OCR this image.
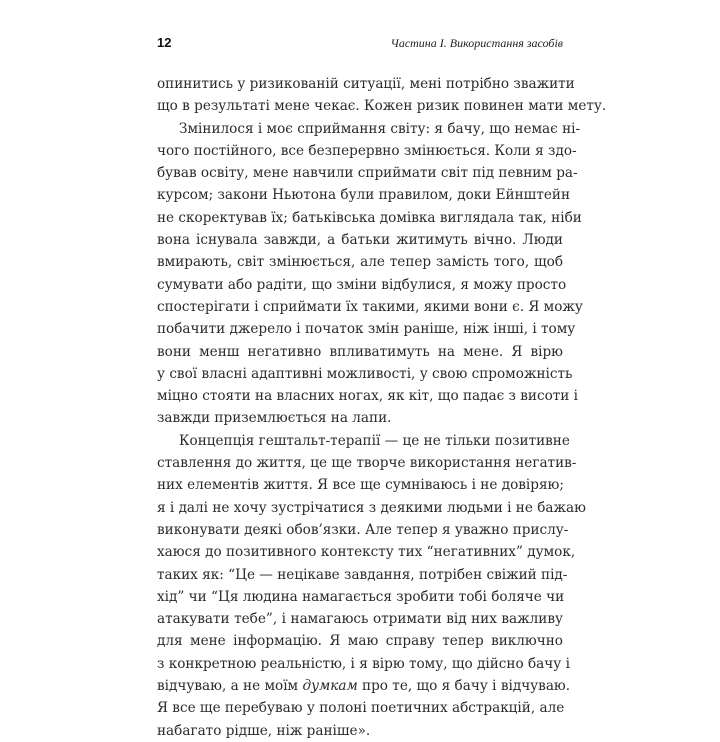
12	Частина І. Використання засобів
опинитись у ризикованій ситуації, мені потрібно зважити
що в результаті мене чекає. Кожен ризик повинен мати мету.
Змінилося і моє сприймання світу: я бачу, що немає ні-
чого постійного, все безперервно змінюється. Коли я здо-
бував освіту, мене навчили сприймати світ під певним ра-
курсом; закони Ньютона були правилом, доки Ейнштейн
не скоректував їх; батьківська домівка виглядала так, ніби
вона існувала завжди, а батьки житимуть вічно. Люди
вмирають, світ змінюється, але тепер замість того, щоб
сумувати або радіти, що зміни відбулися, я можу просто
спостерігати і сприймати їх такими, якими вони є. Я можу
побачити джерело і початок змін раніше, ніж інші, і тому
вони менш негативно впливатимуть на мене. Я вірю
у свої власні адаптивні можливості, у свою спроможність
міцно стояти на власних ногах, як кіт, що падає з висоти і
завжди приземлюється на лапи.
Концепція гештальт-терапії — це не тільки позитивне
ставлення до життя, це ще творче використання негатив-
них елементів життя. Я все ще сумніваюсь і не довіряю;
я і далі не хочу зустрічатися з деякими людьми і не бажаю
виконувати деякі обов’язки. Але тепер я уважно прислу-
хаюся до позитивного контексту тих “негативних” думок,
таких як: “Це — нецікаве завдання, потрібен свіжий під-
хід” чи “Ця людина намагається зробити тобі боляче чи
атакувати тебе”, і намагаюсь отримати від них важливу
для мене інформацію. Я маю справу тепер виключно
з конкретною реальністю, і я вірю тому, що дійсно бачу і
відчуваю, а не моїм думкам про те, що я бачу і відчуваю.
Я все ще перебуваю у полоні поетичних абстракцій, але
набагато рідше, ніж раніше».
